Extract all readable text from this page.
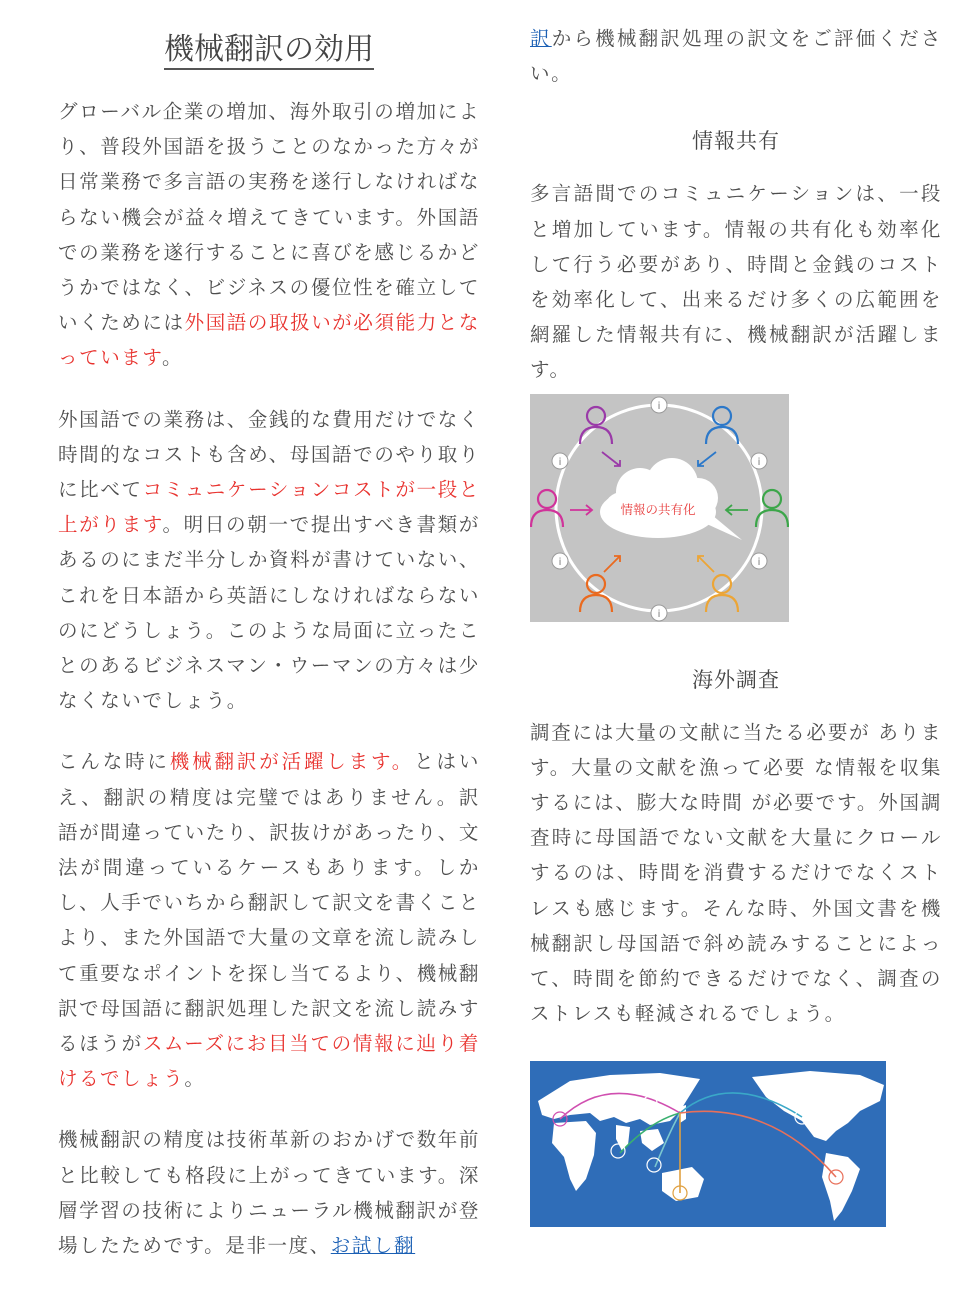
機械翻訳の効用

グローバル企業の増加、海外取引の増加により、普段外国語を扱うことのなかった方々が日常業務で多言語の実務を遂行しなければならない機会が益々増えてきています。外国語での業務を遂行することに喜びを感じるかどうかではなく、ビジネスの優位性を確立していくためには外国語の取扱いが必須能力となっています。

外国語での業務は、金銭的な費用だけでなく時間的なコストも含め、母国語でのやり取りに比べてコミュニケーションコストが一段と上がります。明日の朝一で提出すべき書類があるのにまだ半分しか資料が書けていない、これを日本語から英語にしなければならないのにどうしょう。このような局面に立ったことのあるビジネスマン・ウーマンの方々は少 なくないでしょう。

こんな時に機械翻訳が活躍します。とはいえ、翻訳の精度は完璧ではありません。訳語が間違っていたり、訳抜けがあったり、文法が間違っているケースもあります。しかし、人手でいちから翻訳して訳文を書くことより、また外国語で大量の文章を流し読みして重要なポイントを探し当てるより、機械翻訳で母国語に翻訳処理した訳文を流し読みするほうがスムーズにお目当ての情報に辿り着けるでしょう。

機械翻訳の精度は技術革新のおかげで数年前と比較しても格段に上がってきています。深層学習の技術によりニューラル機械翻訳が登場したためです。是非一度、お試し翻

訳から機械翻訳処理の訳文をご評価ください。

情報共有

多言語間でのコミュニケーションは、一段と増加しています。情報の共有化も効率化して行う必要があり、時間と金銭のコストを効率化して、出来るだけ多くの広範囲を網羅した情報共有に、機械翻訳が活躍します。

情報の共有化
i
i
i	i
i	i
海外調査

調査には大量の文献に当たる必要が ありま す。大量の文献を漁って必要 な情報を収集するには、膨大な時間 が必要です。外国調査時に母国語でない文献を大量にクロールするのは、時間を消費するだけでなくストレスも感じます。そんな時、外国文書を機械翻訳し母国語で斜め読みすることによって、時間を節約できるだけでなく、調査のストレスも軽減されるでしょう。
